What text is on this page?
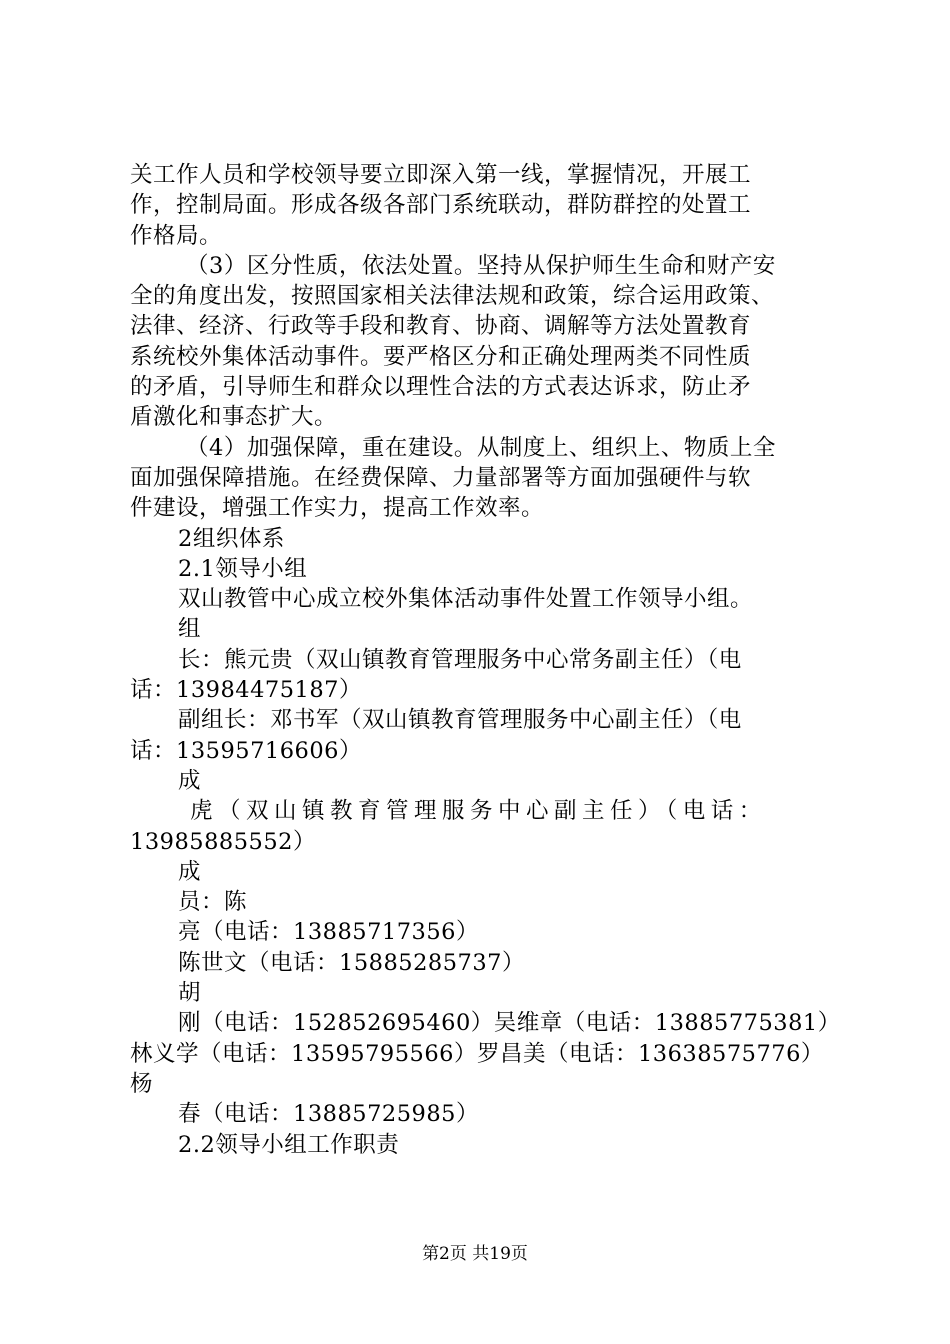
关工作人员和学校领导要立即深入第一线，掌握情况，开展工
作，控制局面。形成各级各部门系统联动，群防群控的处置工
作格局。
（3）区分性质，依法处置。坚持从保护师生生命和财产安
全的角度出发，按照国家相关法律法规和政策，综合运用政策、
法律、经济、行政等手段和教育、协商、调解等方法处置教育
系统校外集体活动事件。要严格区分和正确处理两类不同性质
的矛盾，引导师生和群众以理性合法的方式表达诉求，防止矛
盾激化和事态扩大。
（4）加强保障，重在建设。从制度上、组织上、物质上全
面加强保障措施。在经费保障、力量部署等方面加强硬件与软
件建设，增强工作实力，提高工作效率。
2组织体系
2.1领导小组
双山教管中心成立校外集体活动事件处置工作领导小组。
组
长：熊元贵（双山镇教育管理服务中心常务副主任）（电
话：13984475187）
副组长：邓书军（双山镇教育管理服务中心副主任）（电
话：13595716606）
成
虎（双山镇教育管理服务中心副主任）（电话：
13985885552）
成
员：陈
亮（电话：13885717356）
陈世文（电话：15885285737）
胡
刚（电话：152852695460）吴维章（电话：13885775381）
林义学（电话：13595795566）罗昌美（电话：13638575776）
杨
春（电话：13885725985）
2.2领导小组工作职责
第2页 共19页
